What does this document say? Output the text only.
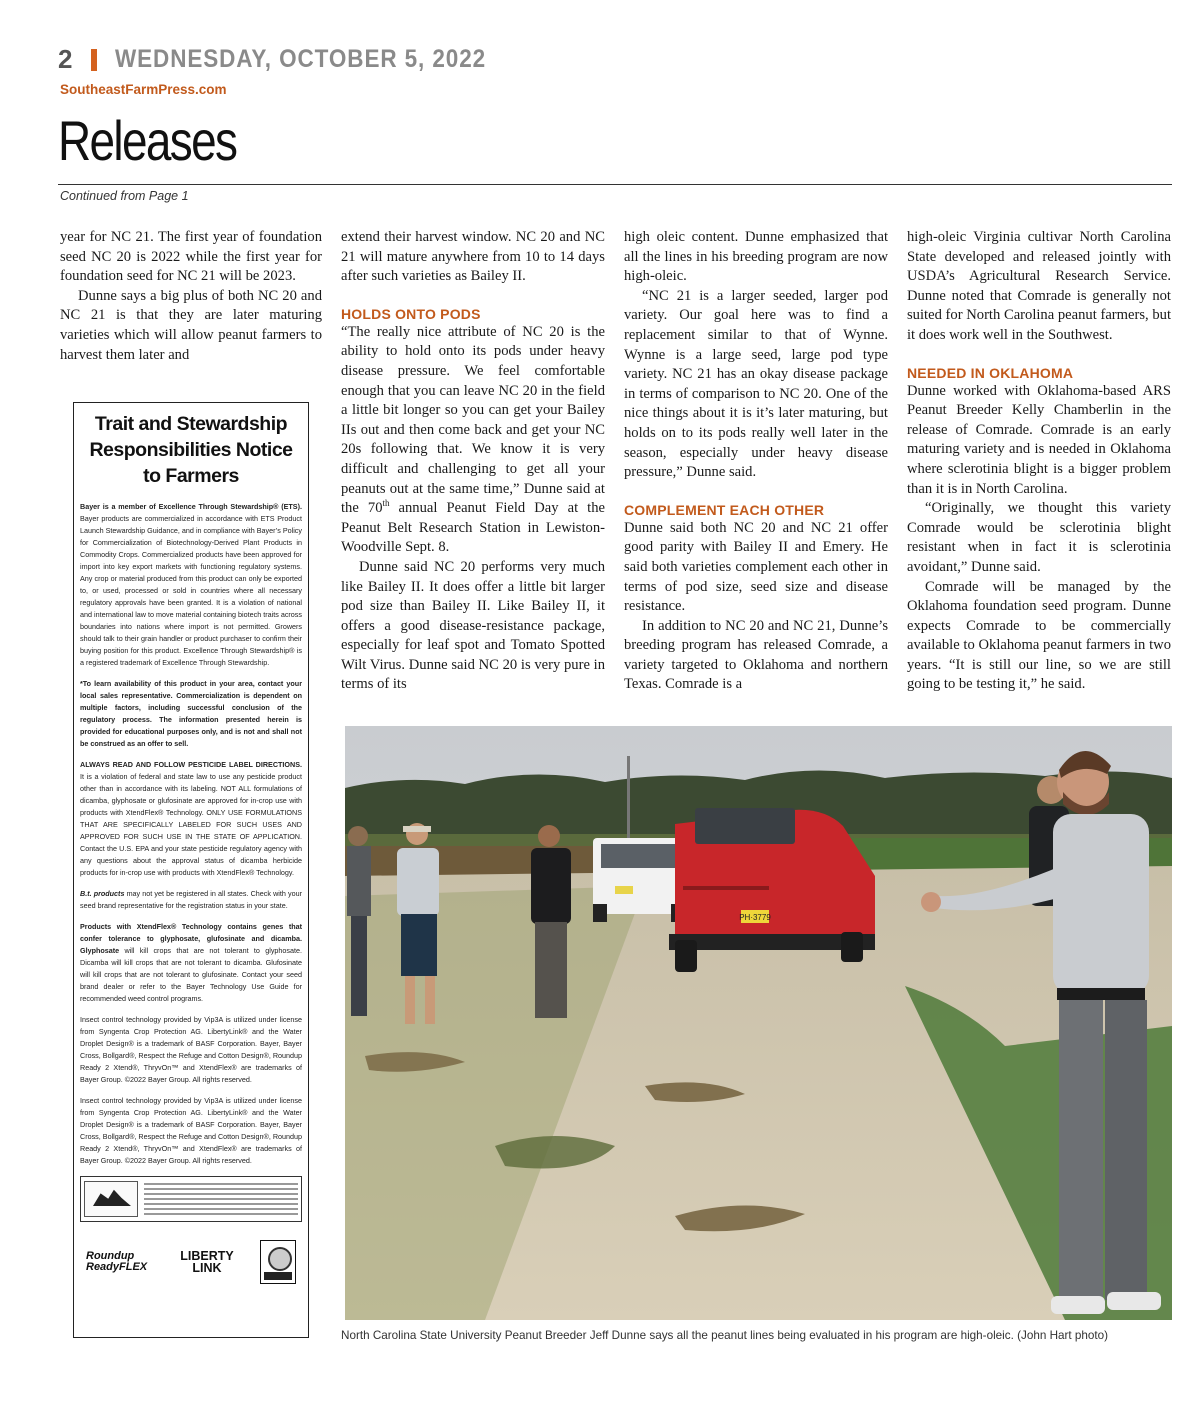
2 WEDNESDAY, OCTOBER 5, 2022
SoutheastFarmPress.com
Releases
Continued from Page 1

year for NC 21. The first year of foundation seed NC 20 is 2022 while the first year for foundation seed for NC 21 will be 2023.

Dunne says a big plus of both NC 20 and NC 21 is that they are later maturing varieties which will allow peanut farmers to harvest them later and

Trait and Stewardship Responsibilities Notice to Farmers

Bayer is a member of Excellence Through Stewardship® (ETS). Bayer products are commercialized in accordance with ETS Product Launch Stewardship Guidance, and in compliance with Bayer’s Policy for Commercialization of Biotechnology-Derived Plant Products in Commodity Crops. Commercialized products have been approved for import into key export markets with functioning regulatory systems. Any crop or material produced from this product can only be exported to, or used, processed or sold in countries where all necessary regulatory approvals have been granted. It is a violation of national and international law to move material containing biotech traits across boundaries into nations where import is not permitted. Growers should talk to their grain handler or product purchaser to confirm their buying position for this product. Excellence Through Stewardship® is a registered trademark of Excellence Through Stewardship.

*To learn availability of this product in your area, contact your local sales representative. Commercialization is dependent on multiple factors, including successful conclusion of the regulatory process. The information presented herein is provided for educational purposes only, and is not and shall not be construed as an offer to sell.

ALWAYS READ AND FOLLOW PESTICIDE LABEL DIRECTIONS. It is a violation of federal and state law to use any pesticide product other than in accordance with its labeling. NOT ALL formulations of dicamba, glyphosate or glufosinate are approved for in-crop use with products with XtendFlex® Technology. ONLY USE FORMULATIONS THAT ARE SPECIFICALLY LABELED FOR SUCH USES AND APPROVED FOR SUCH USE IN THE STATE OF APPLICATION. Contact the U.S. EPA and your state pesticide regulatory agency with any questions about the approval status of dicamba herbicide products for in-crop use with products with XtendFlex® Technology.

B.t. products may not yet be registered in all states. Check with your seed brand representative for the registration status in your state.

Products with XtendFlex® Technology contains genes that confer tolerance to glyphosate, glufosinate and dicamba. Glyphosate will kill crops that are not tolerant to glyphosate. Dicamba will kill crops that are not tolerant to dicamba. Glufosinate will kill crops that are not tolerant to glufosinate. Contact your seed brand dealer or refer to the Bayer Technology Use Guide for recommended weed control programs.

Insect control technology provided by Vip3A is utilized under license from Syngenta Crop Protection AG. LibertyLink® and the Water Droplet Design® is a trademark of BASF Corporation. Bayer, Bayer Cross, Bollgard®, Respect the Refuge and Cotton Design®, Roundup Ready 2 Xtend®, ThryvOn™ and XtendFlex® are trademarks of Bayer Group. ©2022 Bayer Group. All rights reserved.

Insect control technology provided by Vip3A is utilized under license from Syngenta Crop Protection AG. LibertyLink® and the Water Droplet Design® is a trademark of BASF Corporation. Bayer, Bayer Cross, Bollgard®, Respect the Refuge and Cotton Design®, Roundup Ready 2 Xtend®, ThryvOn™ and XtendFlex® are trademarks of Bayer Group. ©2022 Bayer Group. All rights reserved.

Roundup
ReadyFLEX
LIBERTY
LINK

extend their harvest window. NC 20 and NC 21 will mature anywhere from 10 to 14 days after such varieties as Bailey II.

HOLDS ONTO PODS

“The really nice attribute of NC 20 is the ability to hold onto its pods under heavy disease pressure. We feel comfortable enough that you can leave NC 20 in the field a little bit longer so you can get your Bailey IIs out and then come back and get your NC 20s following that. We know it is very difficult and challenging to get all your peanuts out at the same time,” Dunne said at the 70th annual Peanut Field Day at the Peanut Belt Research Station in Lewiston-Woodville Sept. 8.

Dunne said NC 20 performs very much like Bailey II. It does offer a little bit larger pod size than Bailey II. Like Bailey II, it offers a good disease-resistance package, especially for leaf spot and Tomato Spotted Wilt Virus. Dunne said NC 20 is very pure in terms of its

high oleic content. Dunne emphasized that all the lines in his breeding program are now high-oleic.

“NC 21 is a larger seeded, larger pod variety. Our goal here was to find a replacement similar to that of Wynne. Wynne is a large seed, large pod type variety. NC 21 has an okay disease package in terms of comparison to NC 20. One of the nice things about it is it’s later maturing, but holds on to its pods really well later in the season, especially under heavy disease pressure,” Dunne said.

COMPLEMENT EACH OTHER

Dunne said both NC 20 and NC 21 offer good parity with Bailey II and Emery. He said both varieties complement each other in terms of pod size, seed size and disease resistance.

In addition to NC 20 and NC 21, Dunne’s breeding program has released Comrade, a variety targeted to Oklahoma and northern Texas. Comrade is a

high-oleic Virginia cultivar North Carolina State developed and released jointly with USDA’s Agricultural Research Service. Dunne noted that Comrade is generally not suited for North Carolina peanut farmers, but it does work well in the Southwest.

NEEDED IN OKLAHOMA

Dunne worked with Oklahoma-based ARS Peanut Breeder Kelly Chamberlin in the release of Comrade. Comrade is an early maturing variety and is needed in Oklahoma where sclerotinia blight is a bigger problem than it is in North Carolina.

“Originally, we thought this variety Comrade would be sclerotinia blight resistant when in fact it is sclerotinia avoidant,” Dunne said.

Comrade will be managed by the Oklahoma foundation seed program. Dunne expects Comrade to be commercially available to Oklahoma peanut farmers in two years. “It is still our line, so we are still going to be testing it,” he said.

PH·3779
North Carolina State University Peanut Breeder Jeff Dunne says all the peanut lines being evaluated in his program are high-oleic. (John Hart photo)
